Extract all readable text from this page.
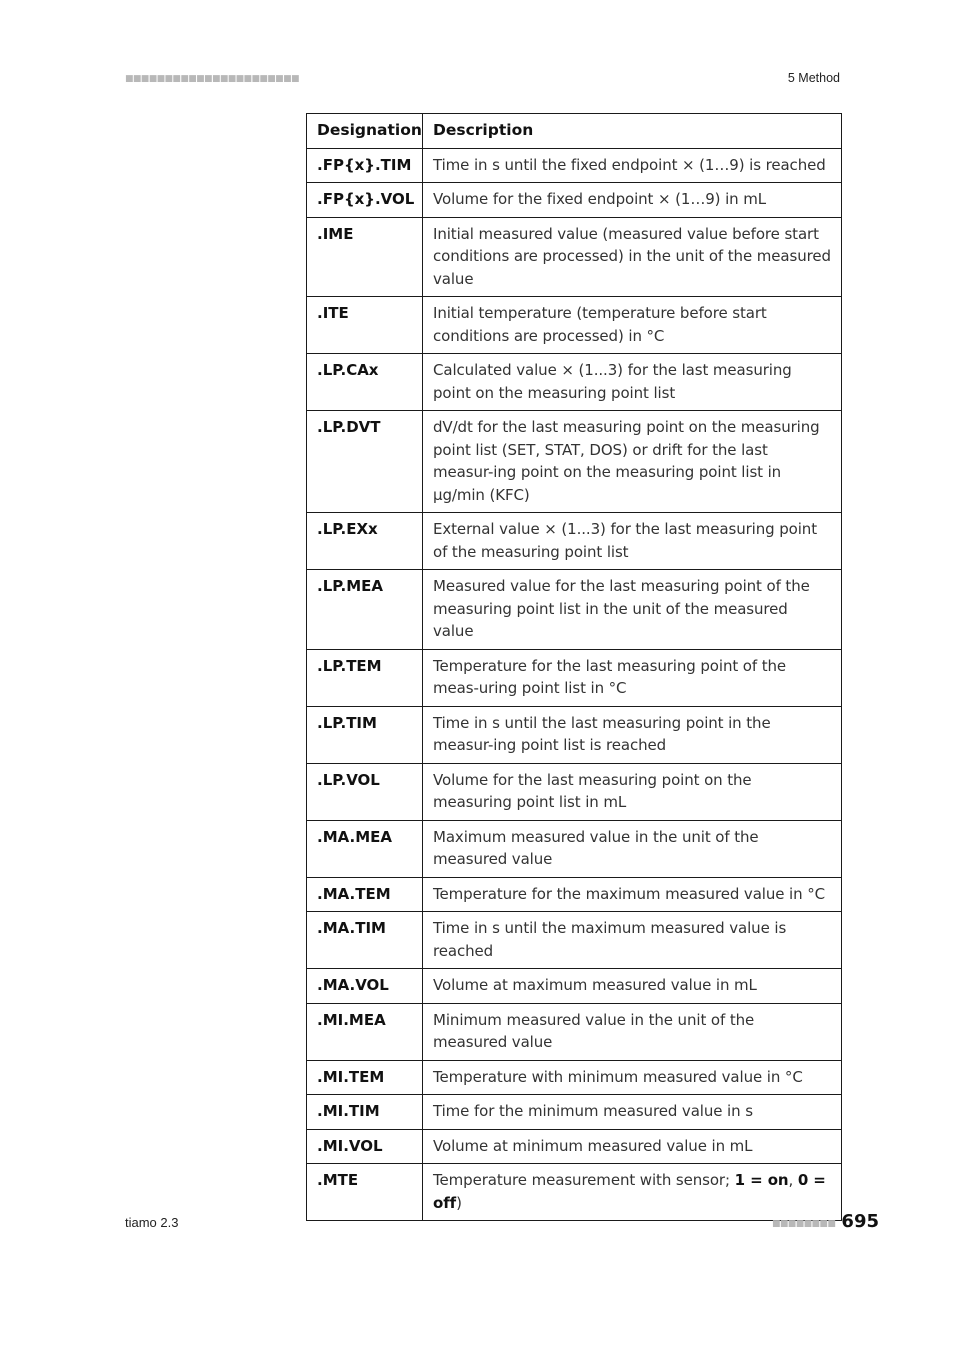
■■■■■■■■■■■■■■■■■■■■■■	5 Method
Designation	Description
.FP{x}.TIM	Time in s until the fixed endpoint × (1…9) is reached
.FP{x}.VOL	Volume for the fixed endpoint × (1…9) in mL
.IME	Initial measured value (measured value before start conditions are processed) in the unit of the measured value
.ITE	Initial temperature (temperature before start conditions are processed) in °C
.LP.CAx	Calculated value × (1...3) for the last measuring point on the measuring point list
.LP.DVT	dV/dt for the last measuring point on the measuring point list (SET, STAT, DOS) or drift for the last measur-ing point on the measuring point list in µg/min (KFC)
.LP.EXx	External value × (1...3) for the last measuring point of the measuring point list
.LP.MEA	Measured value for the last measuring point of the measuring point list in the unit of the measured value
.LP.TEM	Temperature for the last measuring point of the meas-uring point list in °C
.LP.TIM	Time in s until the last measuring point in the measur-ing point list is reached
.LP.VOL	Volume for the last measuring point on the measuring point list in mL
.MA.MEA	Maximum measured value in the unit of the measured value
.MA.TEM	Temperature for the maximum measured value in °C
.MA.TIM	Time in s until the maximum measured value is reached
.MA.VOL	Volume at maximum measured value in mL
.MI.MEA	Minimum measured value in the unit of the measured value
.MI.TEM	Temperature with minimum measured value in °C
.MI.TIM	Time for the minimum measured value in s
.MI.VOL	Volume at minimum measured value in mL
.MTE	Temperature measurement with sensor; 1 = on, 0 = off)
tiamo 2.3	■■■■■■■■ 695
